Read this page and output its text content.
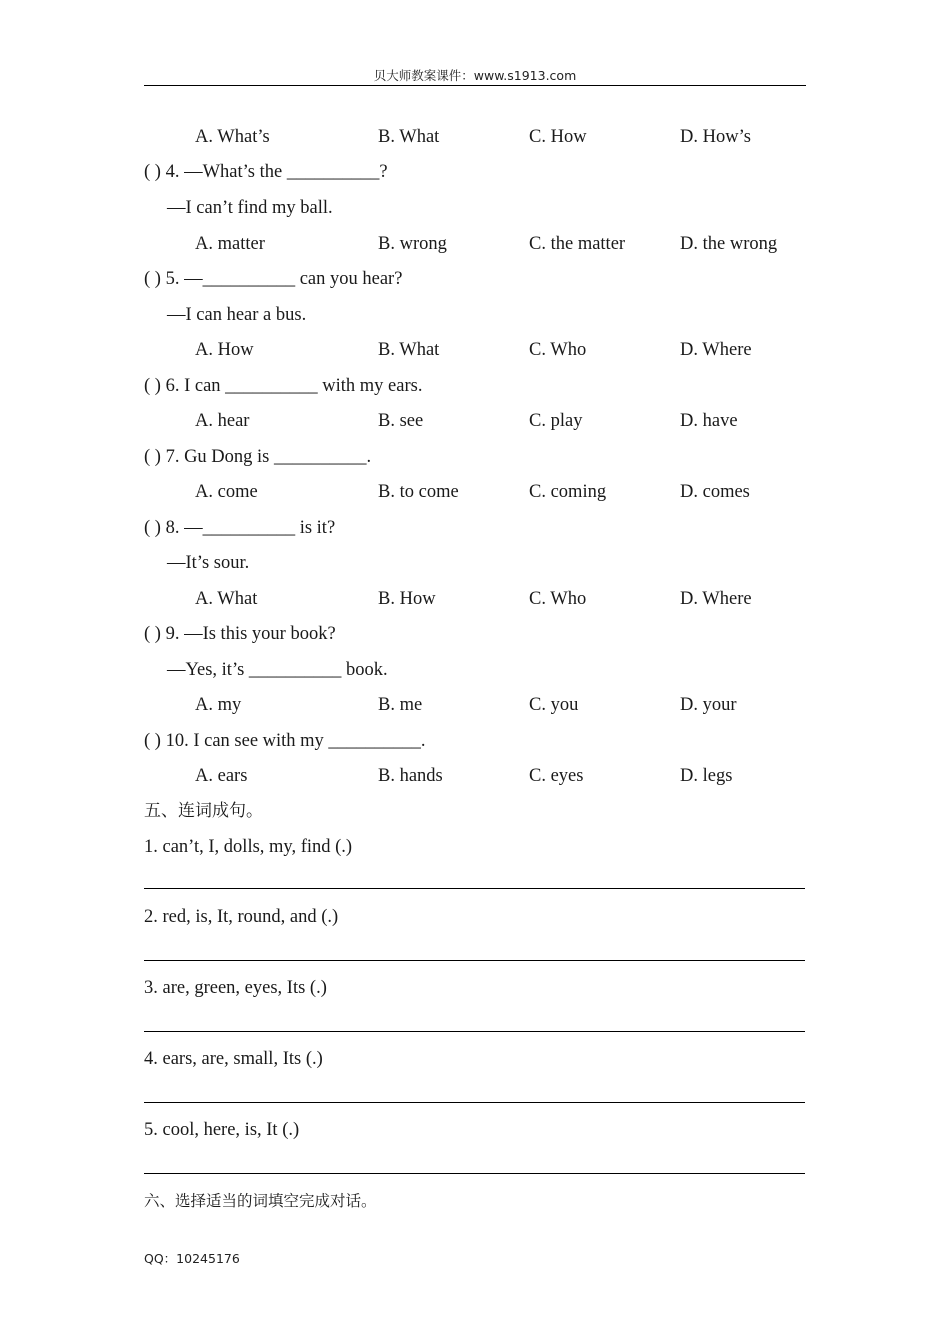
贝大师教案课件：www.s1913.com
A. What’s	B. What	C. How	D. How’s
( ) 4. —What’s the __________?
—I can’t find my ball.
A. matter	B. wrong	C. the matter	D. the wrong
( ) 5. —__________ can you hear?
—I can hear a bus.
A. How	B. What	C. Who	D. Where
( ) 6. I can __________ with my ears.
A. hear	B. see	C. play	D. have
( ) 7. Gu Dong is __________.
A. come	B. to come	C. coming	D. comes
( ) 8. —__________ is it?
—It’s sour.
A. What	B. How	C. Who	D. Where
( ) 9. —Is this your book?
—Yes, it’s __________ book.
A. my	B. me	C. you	D. your
( ) 10. I can see with my __________.
A. ears	B. hands	C. eyes	D. legs
五、连词成句。
1. can’t, I, dolls, my, find (.)
2. red, is, It, round, and (.)
3. are, green, eyes, Its (.)
4. ears, are, small, Its (.)
5. cool, here, is, It (.)
六、选择适当的词填空完成对话。
QQ：10245176
